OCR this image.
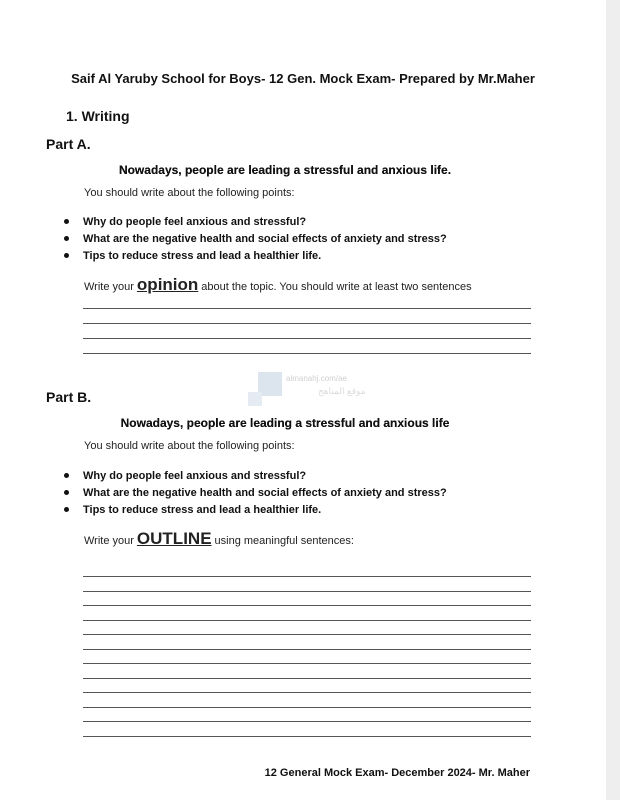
Saif Al Yaruby School for Boys- 12 Gen. Mock Exam- Prepared by Mr.Maher
1. Writing
Part A.
Nowadays, people are leading a stressful and anxious life.
You should write about the following points:
Why do people feel anxious and stressful?
What are the negative health and social effects of anxiety and stress?
Tips to reduce stress and lead a healthier life.
Write your opinion about the topic. You should write at least two sentences
almanahj.com/ae
موقع المناهج
Part B.
Nowadays, people are leading a stressful and anxious life
You should write about the following points:
Why do people feel anxious and stressful?
What are the negative health and social effects of anxiety and stress?
Tips to reduce stress and lead a healthier life.
Write your OUTLINE using meaningful sentences:
12 General Mock Exam- December 2024- Mr. Maher
